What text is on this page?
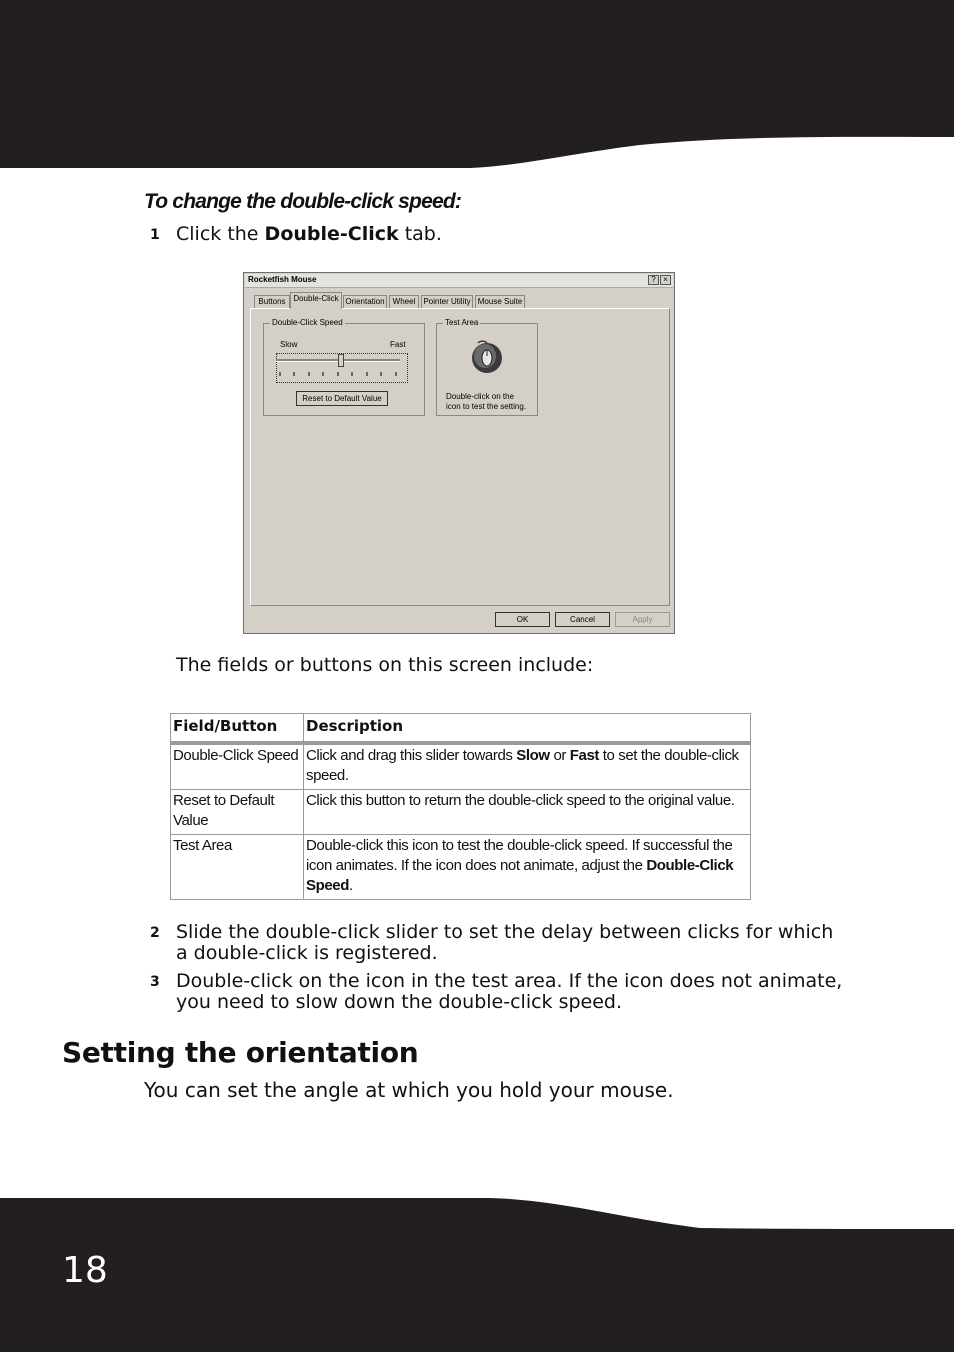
To change the double-click speed:
1 Click the Double-Click tab.
Rocketfish Mouse	? ×
Buttons Double-Click Orientation	Wheel	Pointer Utility Mouse Suite
Double-Click Speed	Test Area
Slow	Fast
Reset to Default Value	Double-click on the
icon to test the setting.
OK	Cancel	Apply
The fields or buttons on this screen include:
Field/Button	Description
Double-Click Speed	Click and drag this slider towards Slow or Fast to set the double-click speed.
Reset to Default Value	Click this button to return the double-click speed to the original value.
Test Area	Double-click this icon to test the double-click speed. If successful the icon animates. If the icon does not animate, adjust the Double-Click Speed.
2 Slide the double-click slider to set the delay between clicks for which a double-click is registered.
3 Double-click on the icon in the test area. If the icon does not animate, you need to slow down the double-click speed.
Setting the orientation
You can set the angle at which you hold your mouse.
18
